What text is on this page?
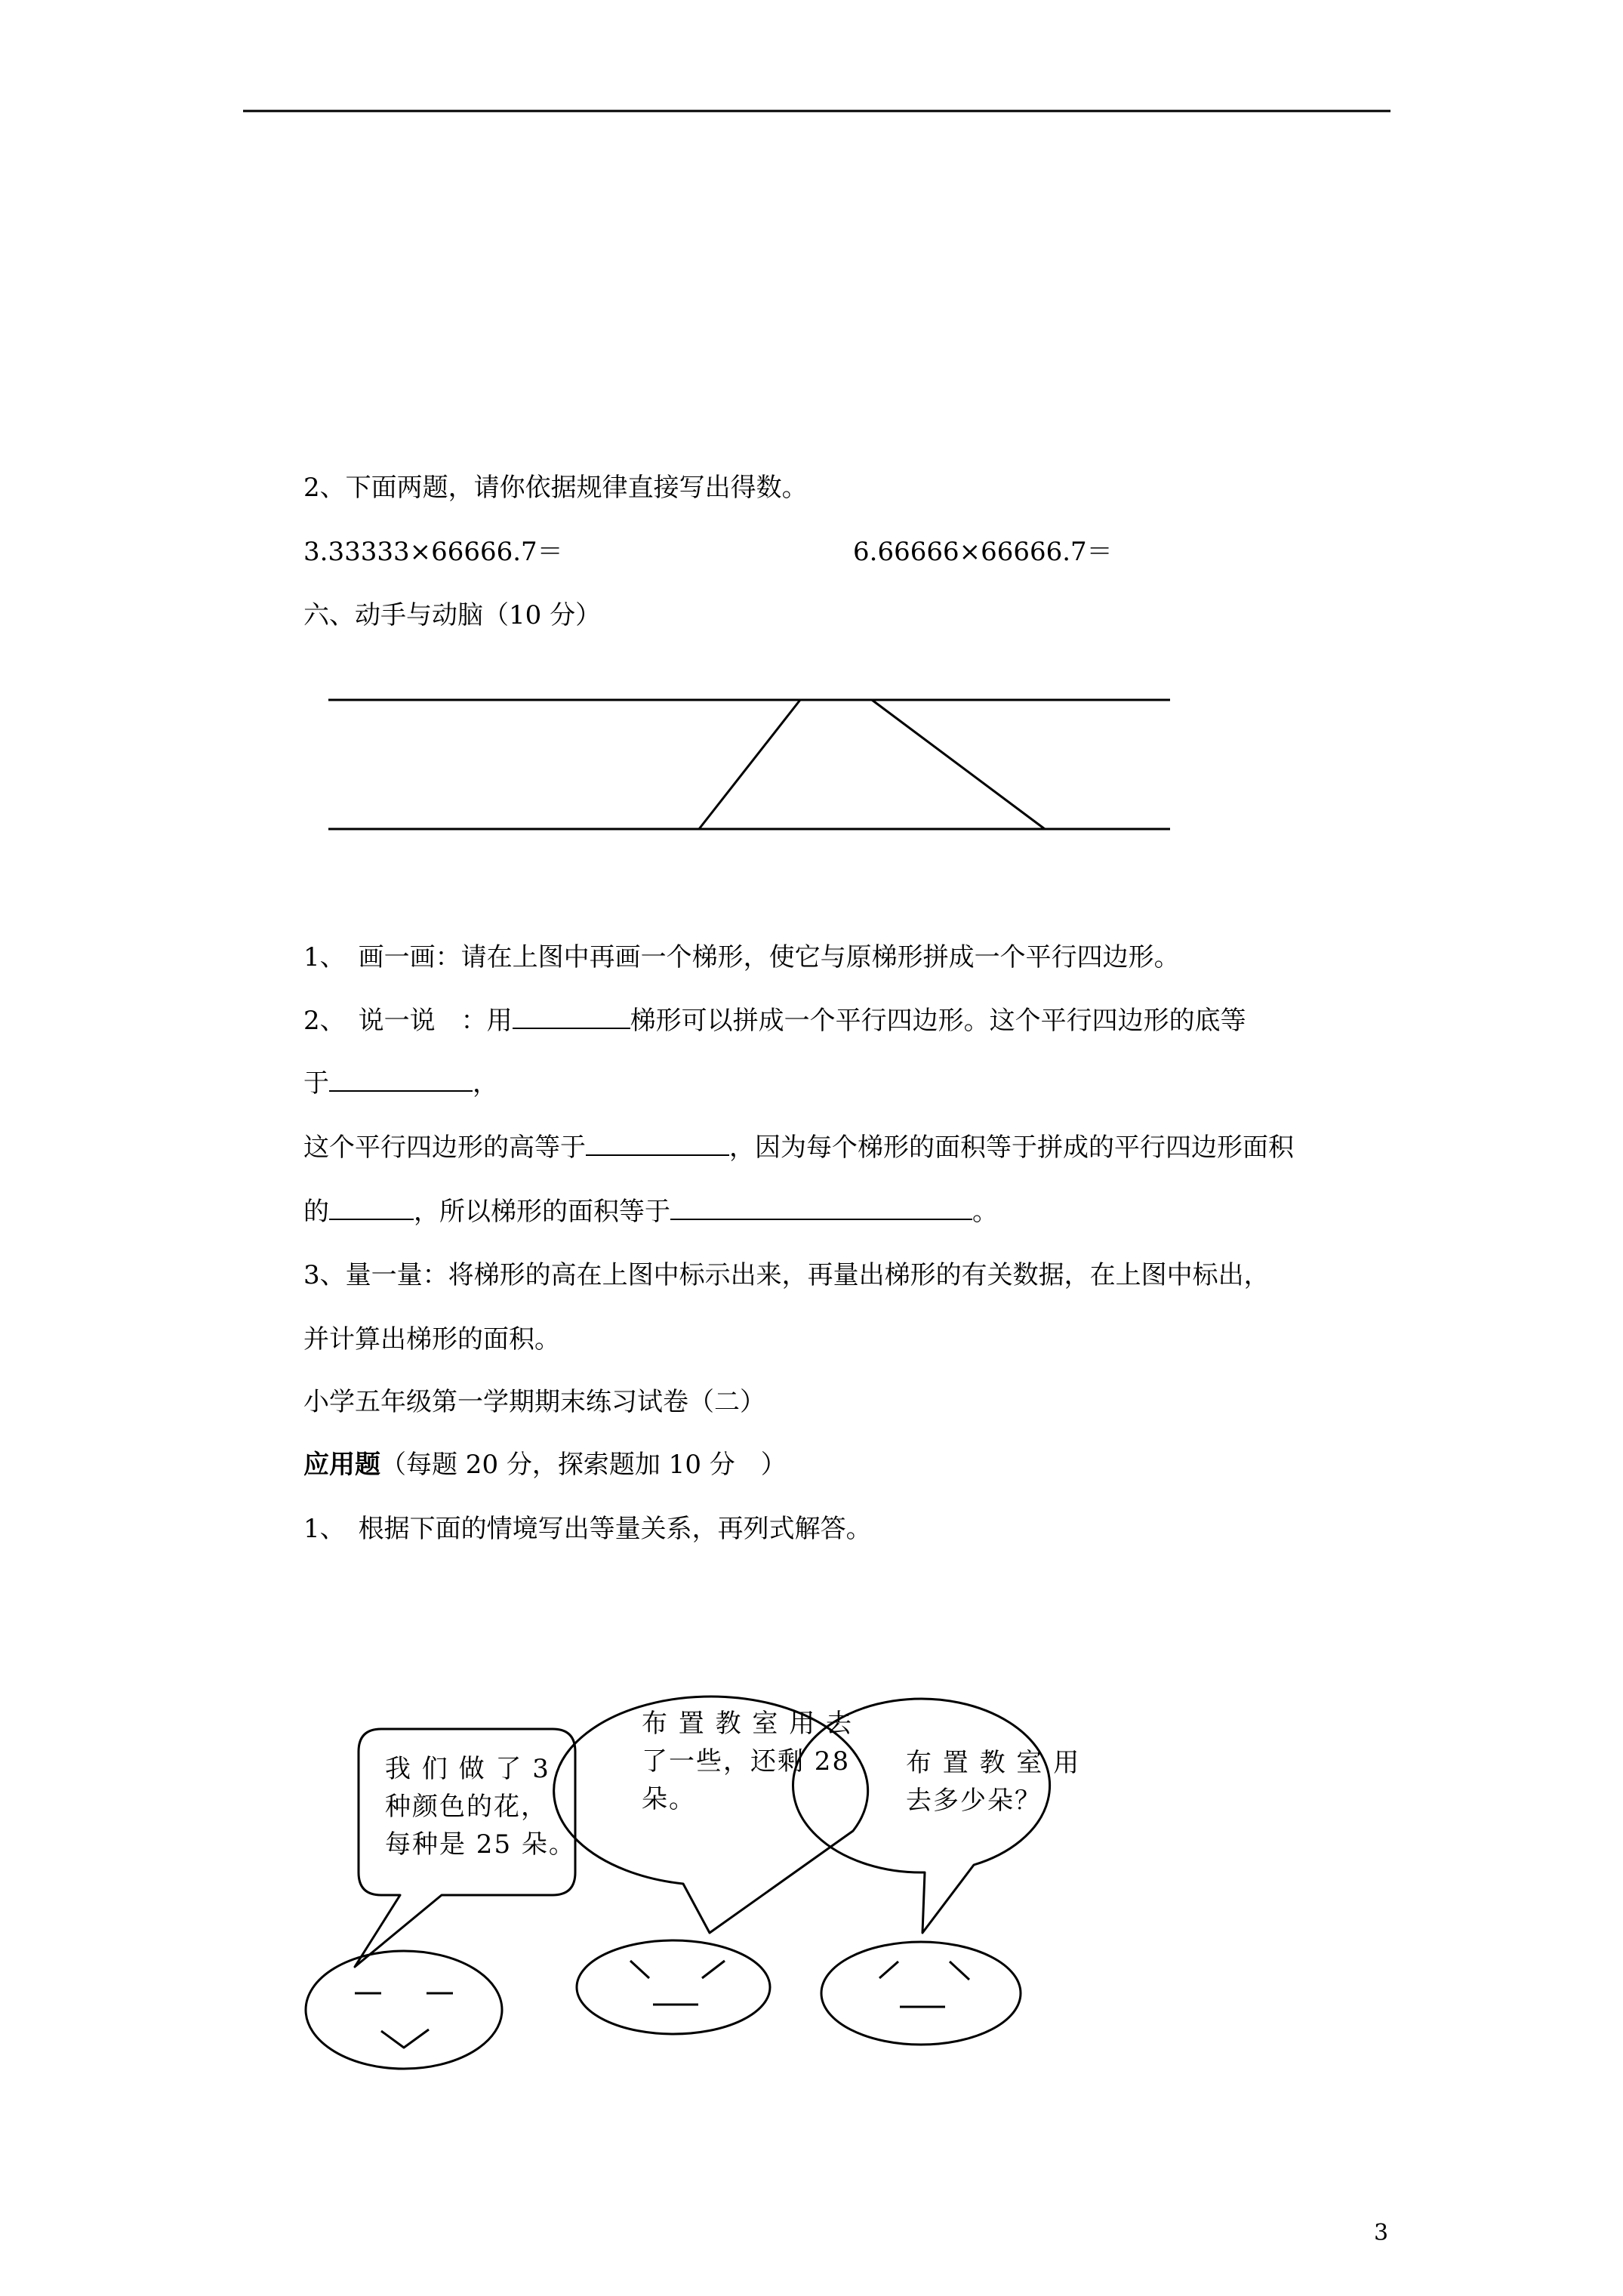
2、下面两题，请你依据规律直接写出得数。
3.33333×66666.7＝	6.66666×66666.7＝
六、动手与动脑（10 分）
1、　画一画：请在上图中再画一个梯形，使它与原梯形拼成一个平行四边形。
2、　说一说　：用	梯形可以拼成一个平行四边形。这个平行四边形的底等
于	，
这个平行四边形的高等于	，因为每个梯形的面积等于拼成的平行四边形面积
的	，所以梯形的面积等于	。
3、量一量：将梯形的高在上图中标示出来，再量出梯形的有关数据，在上图中标出，
并计算出梯形的面积。
小学五年级第一学期期末练习试卷（二）
应用题（每题 20 分，探索题加 10 分　）
1、　根据下面的情境写出等量关系，再列式解答。
我 们 做 了 3
种颜色的花，
每种是 25 朵。
布 置 教 室 用 去
了一些，还剩 28
朵。
布 置 教 室 用
去多少朵？
3
